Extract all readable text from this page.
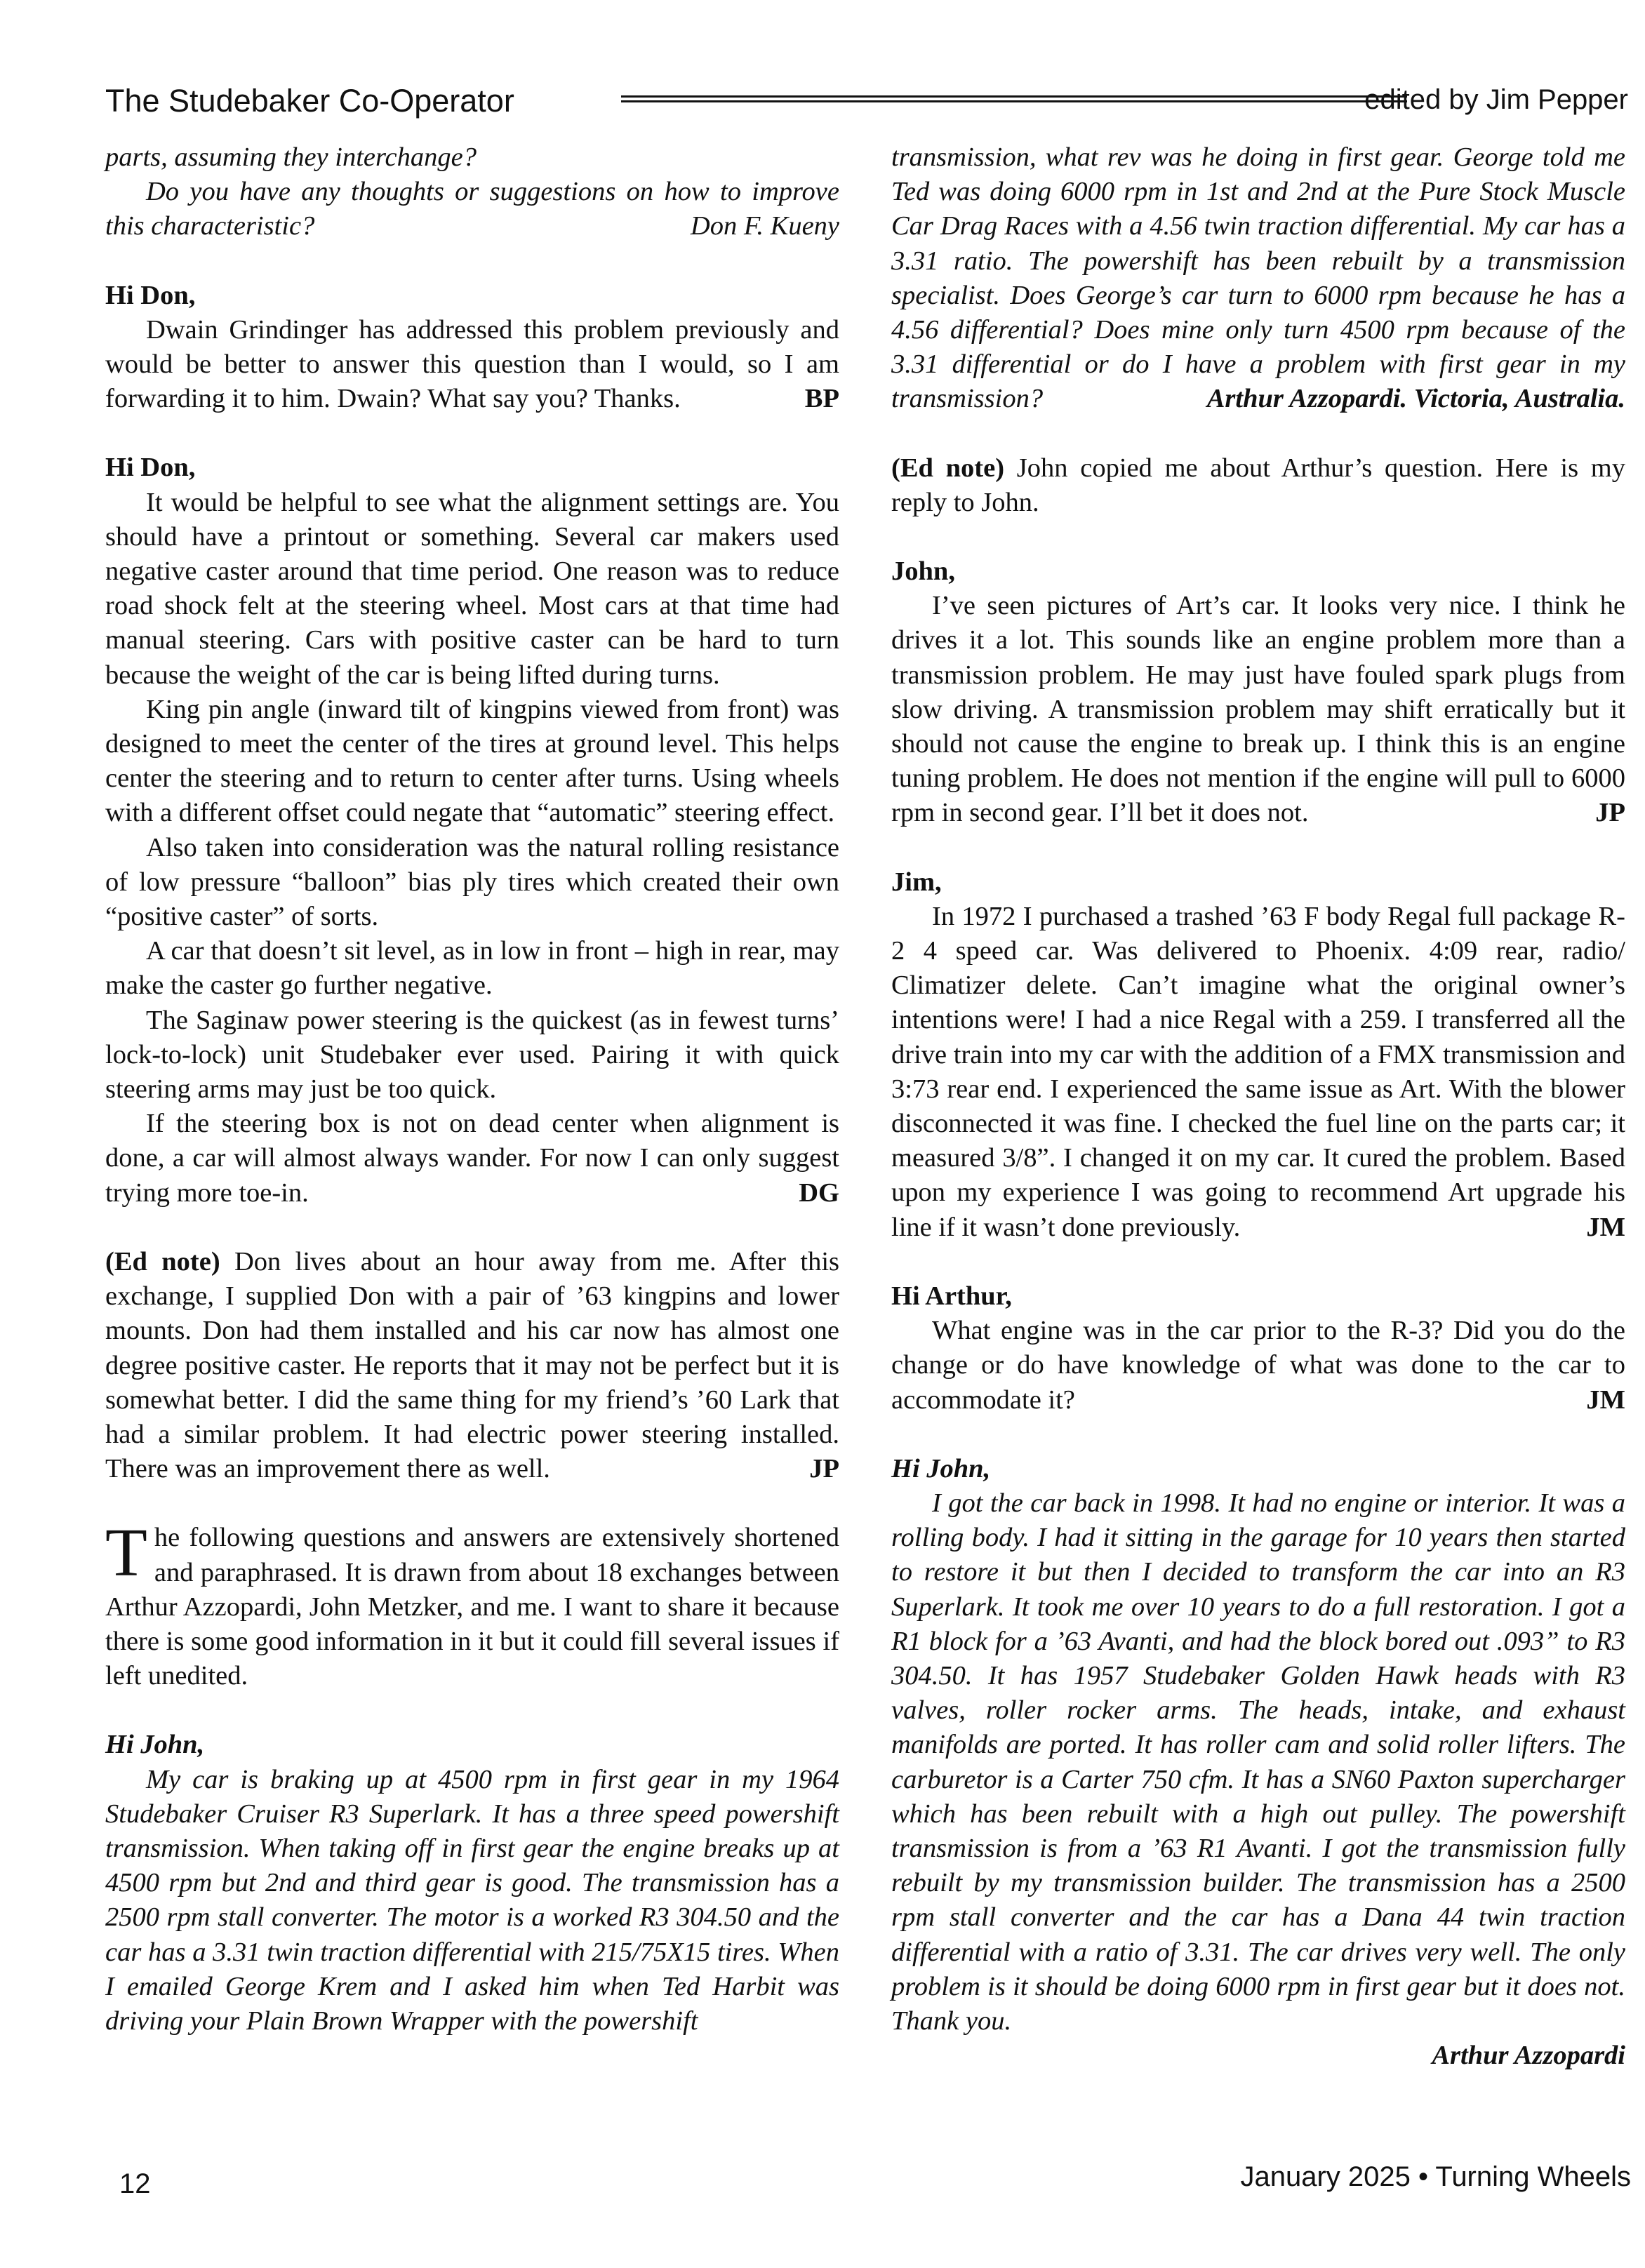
The Studebaker Co-Operator	edited by Jim Pepper

parts, assuming they interchange?

Do you have any thoughts or suggestions on how to improve this characteristic?	Don F. Kueny

Hi Don,

Dwain Grindinger has addressed this problem previously and would be better to answer this question than I would, so I am forwarding it to him. Dwain? What say you? Thanks.	BP

Hi Don,

It would be helpful to see what the alignment settings are. You should have a printout or something. Several car makers used negative caster around that time period. One reason was to reduce road shock felt at the steering wheel. Most cars at that time had manual steering. Cars with positive caster can be hard to turn because the weight of the car is being lifted during turns.

King pin angle (inward tilt of kingpins viewed from front) was designed to meet the center of the tires at ground level. This helps center the steering and to return to center after turns. Using wheels with a different offset could negate that “automatic” steering effect.

Also taken into consideration was the natural rolling resistance of low pressure “balloon” bias ply tires which created their own “positive caster” of sorts.

A car that doesn’t sit level, as in low in front – high in rear, may make the caster go further negative.

The Saginaw power steering is the quickest (as in fewest turns’ lock-to-lock) unit Studebaker ever used. Pairing it with quick steering arms may just be too quick.

If the steering box is not on dead center when alignment is done, a car will almost always wander. For now I can only suggest trying more toe-in.	DG

(Ed note) Don lives about an hour away from me. After this exchange, I supplied Don with a pair of ’63 kingpins and lower mounts. Don had them installed and his car now has almost one degree positive caster. He reports that it may not be perfect but it is somewhat better. I did the same thing for my friend’s ’60 Lark that had a similar problem. It had electric power steering installed. There was an improvement there as well.	JP

The following questions and answers are extensively shortened and paraphrased. It is drawn from about 18 exchanges between Arthur Azzopardi, John Metzker, and me. I want to share it because there is some good information in it but it could fill several issues if left unedited.

Hi John,

My car is braking up at 4500 rpm in first gear in my 1964 Studebaker Cruiser R3 Superlark. It has a three speed powershift transmission. When taking off in first gear the engine breaks up at 4500 rpm but 2nd and third gear is good. The transmission has a 2500 rpm stall converter. The motor is a worked R3 304.50 and the car has a 3.31 twin traction differential with 215/75X15 tires. When I emailed George Krem and I asked him when Ted Harbit was driving your Plain Brown Wrapper with the powershift

transmission, what rev was he doing in first gear. George told me Ted was doing 6000 rpm in 1st and 2nd at the Pure Stock Muscle Car Drag Races with a 4.56 twin traction differential. My car has a 3.31 ratio. The powershift has been rebuilt by a transmission specialist. Does George’s car turn to 6000 rpm because he has a 4.56 differential? Does mine only turn 4500 rpm because of the 3.31 differential or do I have a problem with first gear in my transmission?	Arthur Azzopardi. Victoria, Australia.

(Ed note) John copied me about Arthur’s question. Here is my reply to John.

John,

I’ve seen pictures of Art’s car. It looks very nice. I think he drives it a lot. This sounds like an engine problem more than a transmission problem. He may just have fouled spark plugs from slow driving. A transmission problem may shift erratically but it should not cause the engine to break up. I think this is an engine tuning problem. He does not mention if the engine will pull to 6000 rpm in second gear. I’ll bet it does not.	JP

Jim,

In 1972 I purchased a trashed ’63 F body Regal full package R-2 4 speed car. Was delivered to Phoenix. 4:09 rear, radio/ Climatizer delete. Can’t imagine what the original owner’s intentions were! I had a nice Regal with a 259. I transferred all the drive train into my car with the addition of a FMX transmission and 3:73 rear end. I experienced the same issue as Art. With the blower disconnected it was fine. I checked the fuel line on the parts car; it measured 3/8”. I changed it on my car. It cured the problem. Based upon my experience I was going to recommend Art upgrade his line if it wasn’t done previously.	JM

Hi Arthur,

What engine was in the car prior to the R-3? Did you do the change or do have knowledge of what was done to the car to accommodate it?	JM

Hi John,

I got the car back in 1998. It had no engine or interior. It was a rolling body. I had it sitting in the garage for 10 years then started to restore it but then I decided to transform the car into an R3 Superlark. It took me over 10 years to do a full restoration. I got a R1 block for a ’63 Avanti, and had the block bored out .093” to R3 304.50. It has 1957 Studebaker Golden Hawk heads with R3 valves, roller rocker arms. The heads, intake, and exhaust manifolds are ported. It has roller cam and solid roller lifters. The carburetor is a Carter 750 cfm. It has a SN60 Paxton supercharger which has been rebuilt with a high out pulley. The powershift transmission is from a ’63 R1 Avanti. I got the transmission fully rebuilt by my transmission builder. The transmission has a 2500 rpm stall converter and the car has a Dana 44 twin traction differential with a ratio of 3.31. The car drives very well. The only problem is it should be doing 6000 rpm in first gear but it does not. Thank you.

Arthur Azzopardi

12	January 2025 • Turning Wheels
